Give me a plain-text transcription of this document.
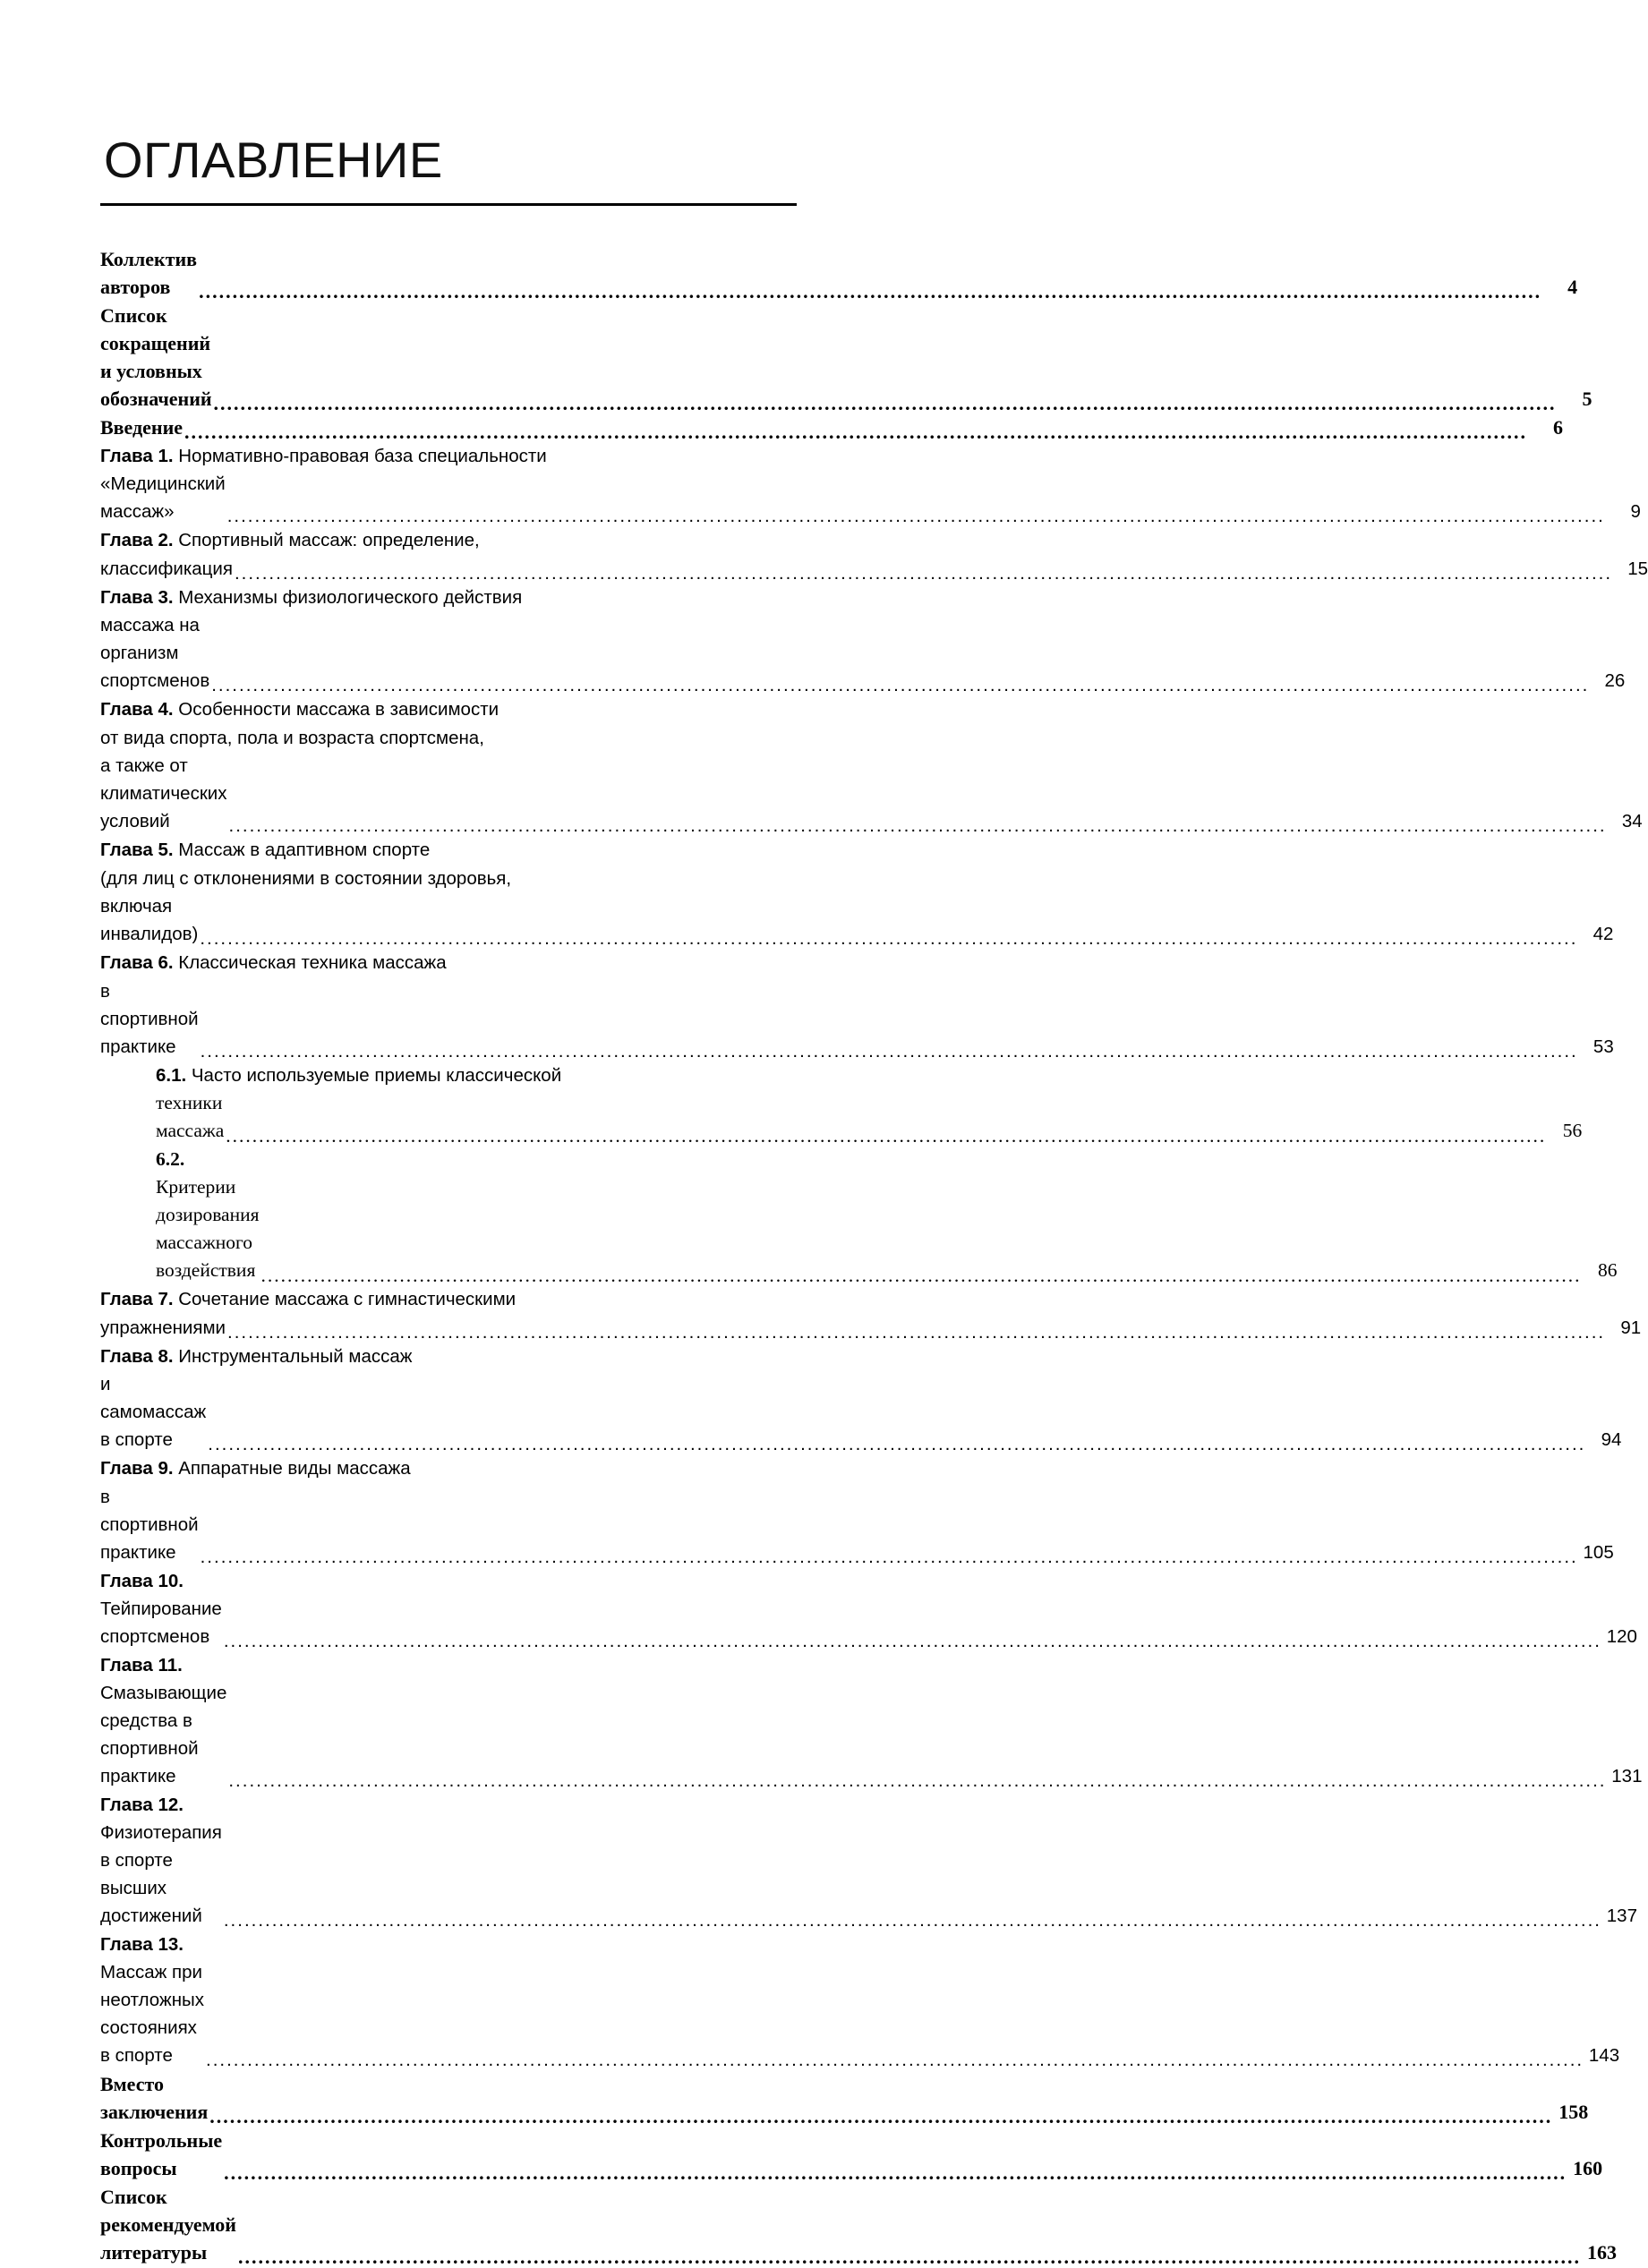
ОГЛАВЛЕНИЕ
Коллектив авторов	........................................................................................................................................................................................................	4
Список сокращений и условных обозначений ........................................................................................................................................................................................................	5
Введение ........................................................................................................................................................................................................	6
Глава 1. Нормативно-правовая база специальности
«Медицинский массаж»	........................................................................................................................................................................................................	9
Глава 2. Спортивный массаж: определение,
классификация ........................................................................................................................................................................................................ 15
Глава 3. Механизмы физиологического действия
массажа на организм спортсменов ........................................................................................................................................................................................................ 26
Глава 4. Особенности массажа в зависимости
от вида спорта, пола и возраста спортсмена,
а также от климатических условий	........................................................................................................................................................................................................ 34
Глава 5. Массаж в адаптивном спорте
(для лиц с отклонениями в состоянии здоровья,
включая инвалидов) ........................................................................................................................................................................................................ 42
Глава 6. Классическая техника массажа
в спортивной практике	........................................................................................................................................................................................................ 53
6.1. Часто используемые приемы классической
техники массажа ........................................................................................................................................................................................................ 56
6.2. Критерии дозирования массажного воздействия ........................................................................................................................................................................................................ 86
Глава 7. Сочетание массажа с гимнастическими
упражнениями ........................................................................................................................................................................................................ 91
Глава 8. Инструментальный массаж
и самомассаж в спорте	........................................................................................................................................................................................................ 94
Глава 9. Аппаратные виды массажа
в спортивной практике	........................................................................................................................................................................................................ 105
Глава 10. Тейпирование спортсменов ........................................................................................................................................................................................................ 120
Глава 11. Смазывающие средства в спортивной практике	........................................................................................................................................................................................................ 131
Глава 12. Физиотерапия в спорте высших достижений	........................................................................................................................................................................................................ 137
Глава 13. Массаж при неотложных состояниях в спорте	........................................................................................................................................................................................................ 143
Вместо заключения ........................................................................................................................................................................................................ 158
Контрольные вопросы	........................................................................................................................................................................................................ 160
Список рекомендуемой литературы	........................................................................................................................................................................................................ 163
